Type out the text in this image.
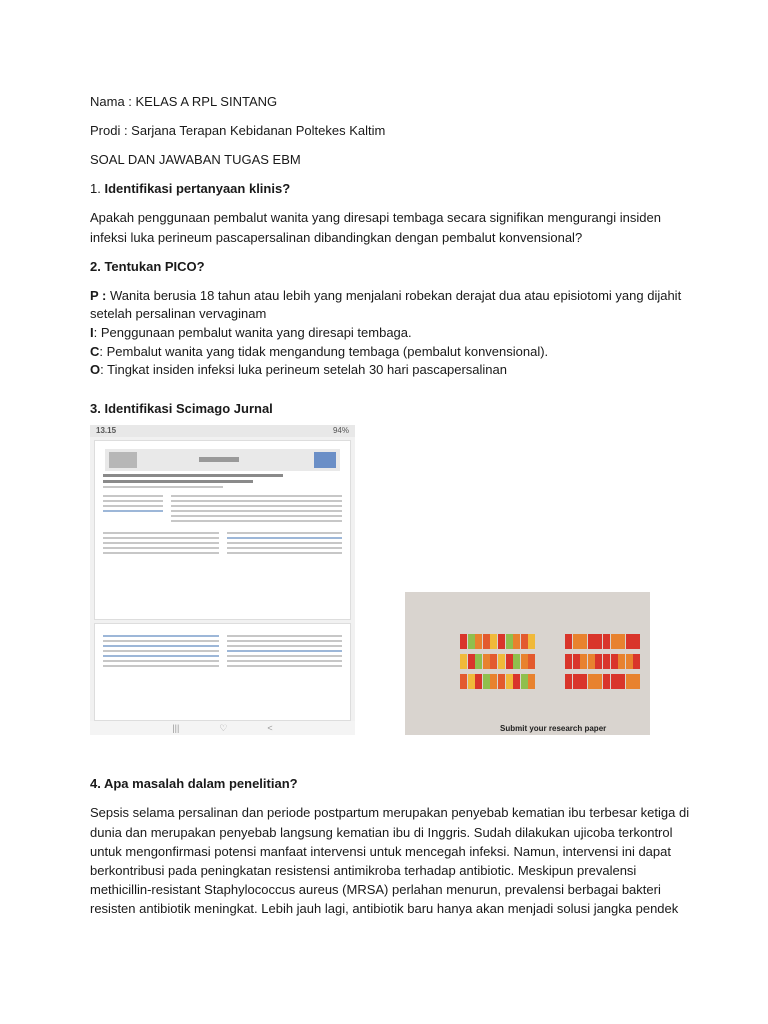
Nama : KELAS A RPL SINTANG
Prodi : Sarjana Terapan Kebidanan Poltekes Kaltim
SOAL DAN JAWABAN TUGAS EBM
1. Identifikasi pertanyaan klinis?
Apakah penggunaan pembalut wanita yang diresapi tembaga secara signifikan mengurangi insiden
infeksi luka perineum pascapersalinan dibandingkan dengan pembalut konvensional?
2. Tentukan PICO?
P : Wanita berusia 18 tahun atau lebih yang menjalani robekan derajat dua atau episiotomi yang dijahit
setelah persalinan vervaginam
I: Penggunaan pembalut wanita yang diresapi tembaga.
C: Pembalut wanita yang tidak mengandung tembaga (pembalut konvensional).
O: Tingkat insiden infeksi luka perineum setelah 30 hari pascapersalinan
3. Identifikasi Scimago Jurnal
13.15	94%
|||	♡	<	Submit your research paper
4. Apa masalah dalam penelitian?
Sepsis selama persalinan dan periode postpartum merupakan penyebab kematian ibu terbesar ketiga di
dunia dan merupakan penyebab langsung kematian ibu di Inggris. Sudah dilakukan ujicoba terkontrol
untuk mengonfirmasi potensi manfaat intervensi untuk mencegah infeksi. Namun, intervensi ini dapat
berkontribusi pada peningkatan resistensi antimikroba terhadap antibiotic. Meskipun prevalensi
methicillin-resistant Staphylococcus aureus (MRSA) perlahan menurun, prevalensi berbagai bakteri
resisten antibiotik meningkat. Lebih jauh lagi, antibiotik baru hanya akan menjadi solusi jangka pendek
